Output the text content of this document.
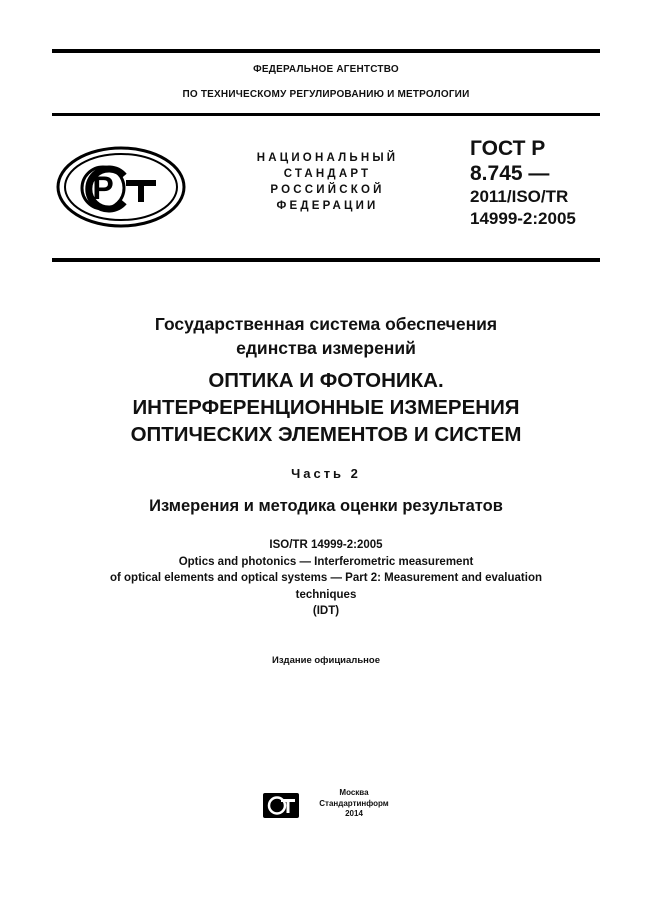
ФЕДЕРАЛЬНОЕ АГЕНТСТВО
ПО ТЕХНИЧЕСКОМУ РЕГУЛИРОВАНИЮ И МЕТРОЛОГИИ
Р
НАЦИОНАЛЬНЫЙ
СТАНДАРТ
РОССИЙСКОЙ
ФЕДЕРАЦИИ
ГОСТ Р
8.745 —
2011/ISO/TR
14999-2:2005
Государственная система обеспечения
единства измерений
ОПТИКА И ФОТОНИКА.
ИНТЕРФЕРЕНЦИОННЫЕ ИЗМЕРЕНИЯ
ОПТИЧЕСКИХ ЭЛЕМЕНТОВ И СИСТЕМ
Часть 2
Измерения и методика оценки результатов
ISO/TR 14999-2:2005
Optics and photonics — Interferometric measurement
of optical elements and optical systems — Part 2: Measurement and evaluation
techniques
(IDT)
Издание официальное
Москва
Стандартинформ
2014
